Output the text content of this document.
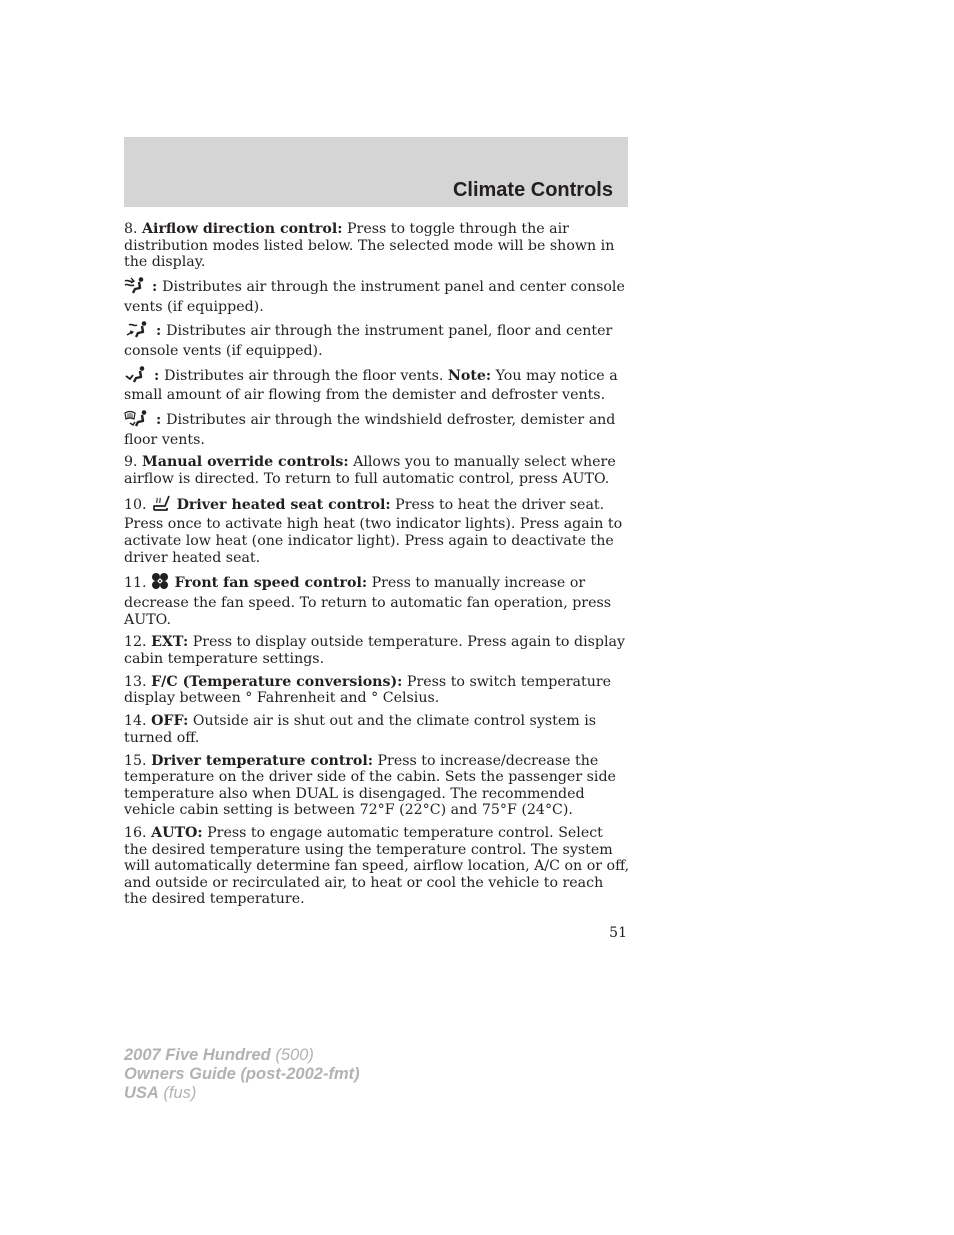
Climate Controls

8. Airflow direction control: Press to toggle through the air distribution modes listed below. The selected mode will be shown in the display.

: Distributes air through the instrument panel and center console vents (if equipped).

: Distributes air through the instrument panel, floor and center console vents (if equipped).

: Distributes air through the floor vents. Note: You may notice a small amount of air flowing from the demister and defroster vents.

: Distributes air through the windshield defroster, demister and floor vents.

9. Manual override controls: Allows you to manually select where airflow is directed. To return to full automatic control, press AUTO.

10.  Driver heated seat control: Press to heat the driver seat. Press once to activate high heat (two indicator lights). Press again to activate low heat (one indicator light). Press again to deactivate the driver heated seat.

11.  Front fan speed control: Press to manually increase or decrease the fan speed. To return to automatic fan operation, press AUTO.

12. EXT: Press to display outside temperature. Press again to display cabin temperature settings.

13. F/C (Temperature conversions): Press to switch temperature display between ° Fahrenheit and ° Celsius.

14. OFF: Outside air is shut out and the climate control system is turned off.

15. Driver temperature control: Press to increase/decrease the temperature on the driver side of the cabin. Sets the passenger side temperature also when DUAL is disengaged. The recommended vehicle cabin setting is between 72°F (22°C) and 75°F (24°C).

16. AUTO: Press to engage automatic temperature control. Select the desired temperature using the temperature control. The system will automatically determine fan speed, airflow location, A/C on or off, and outside or recirculated air, to heat or cool the vehicle to reach the desired temperature.

51
2007 Five Hundred (500)
Owners Guide (post-2002-fmt)
USA (fus)
